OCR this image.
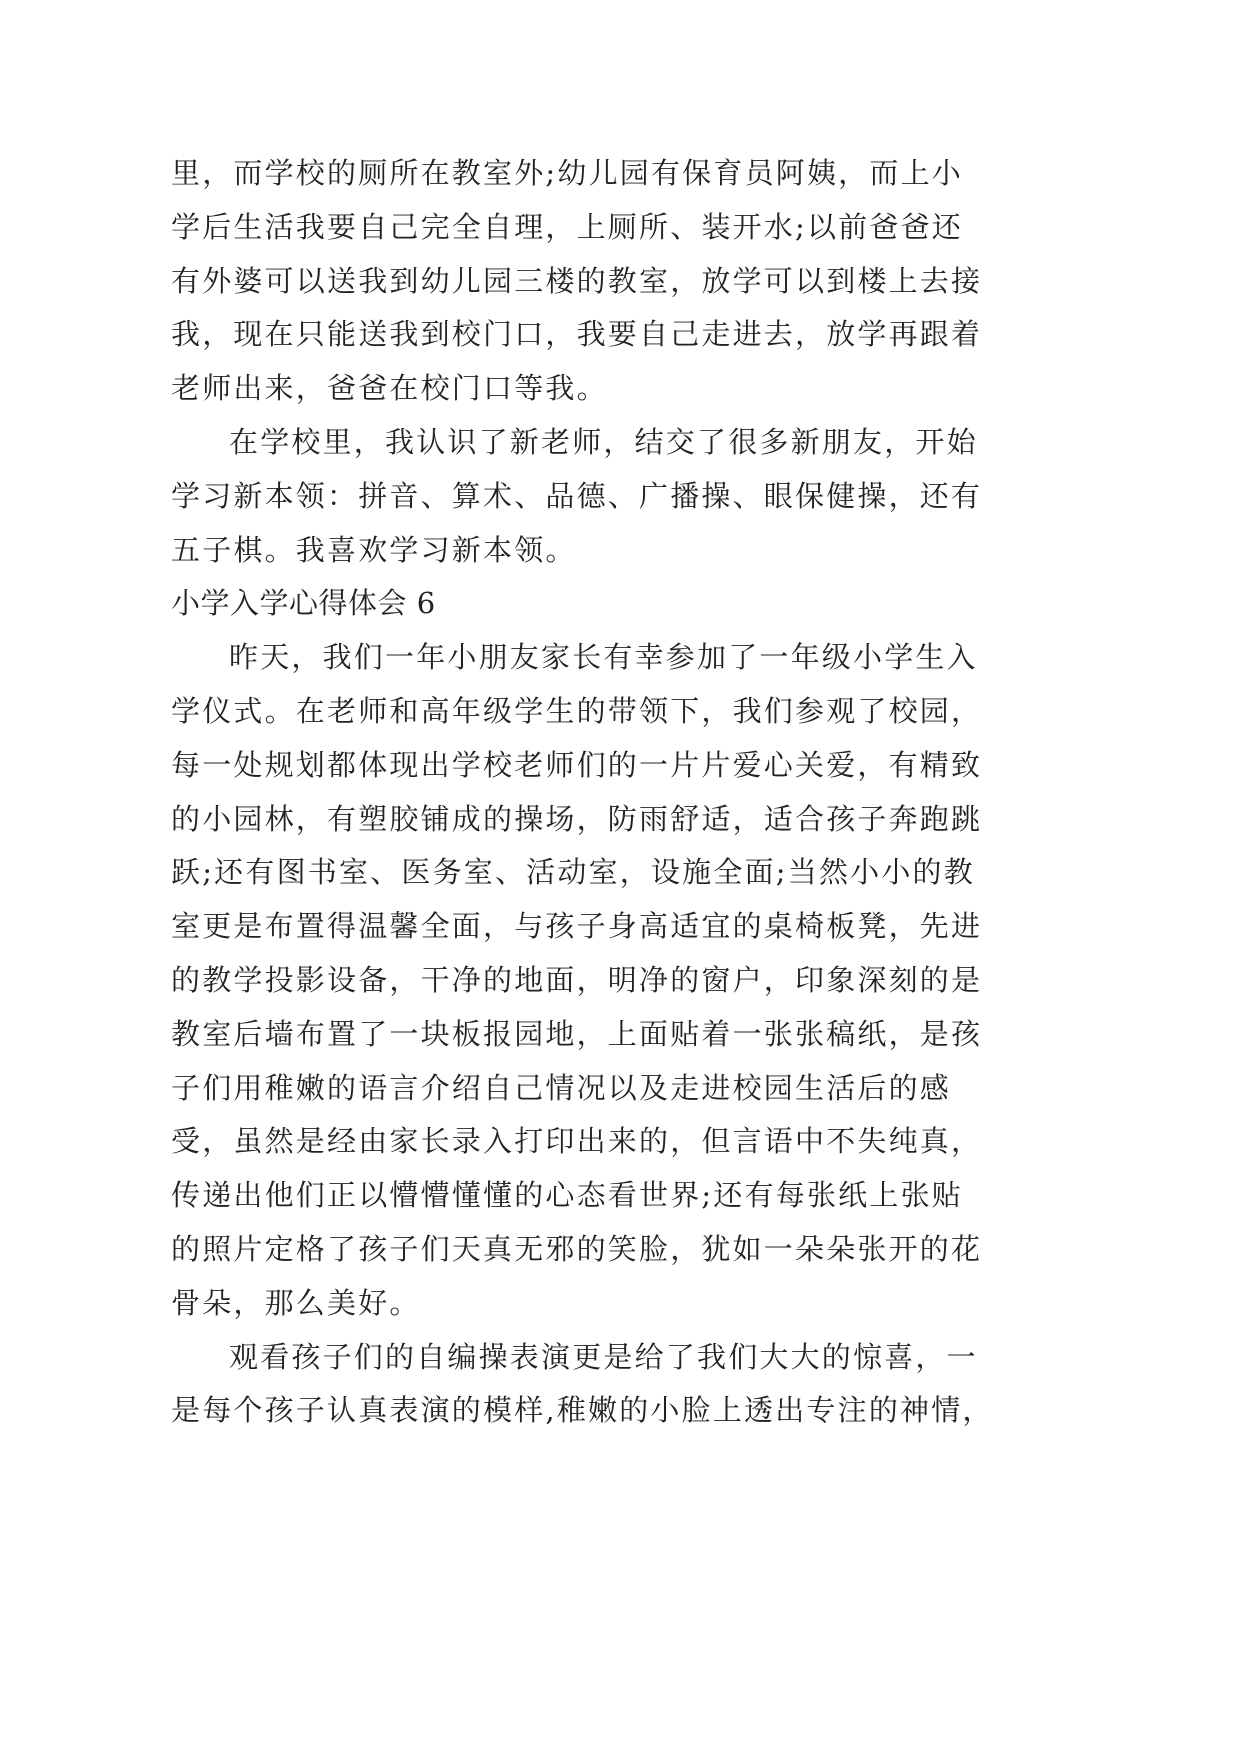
里，而学校的厕所在教室外;幼儿园有保育员阿姨，而上小
学后生活我要自己完全自理，上厕所、装开水;以前爸爸还
有外婆可以送我到幼儿园三楼的教室，放学可以到楼上去接
我，现在只能送我到校门口，我要自己走进去，放学再跟着
老师出来，爸爸在校门口等我。
在学校里，我认识了新老师，结交了很多新朋友，开始
学习新本领：拼音、算术、品德、广播操、眼保健操，还有
五子棋。我喜欢学习新本领。
小学入学心得体会 6
昨天，我们一年小朋友家长有幸参加了一年级小学生入
学仪式。在老师和高年级学生的带领下，我们参观了校园，
每一处规划都体现出学校老师们的一片片爱心关爱，有精致
的小园林，有塑胶铺成的操场，防雨舒适，适合孩子奔跑跳
跃;还有图书室、医务室、活动室，设施全面;当然小小的教
室更是布置得温馨全面，与孩子身高适宜的桌椅板凳，先进
的教学投影设备，干净的地面，明净的窗户，印象深刻的是
教室后墙布置了一块板报园地，上面贴着一张张稿纸，是孩
子们用稚嫩的语言介绍自己情况以及走进校园生活后的感
受，虽然是经由家长录入打印出来的，但言语中不失纯真，
传递出他们正以懵懵懂懂的心态看世界;还有每张纸上张贴
的照片定格了孩子们天真无邪的笑脸，犹如一朵朵张开的花
骨朵，那么美好。
观看孩子们的自编操表演更是给了我们大大的惊喜，一
是每个孩子认真表演的模样,稚嫩的小脸上透出专注的神情，
